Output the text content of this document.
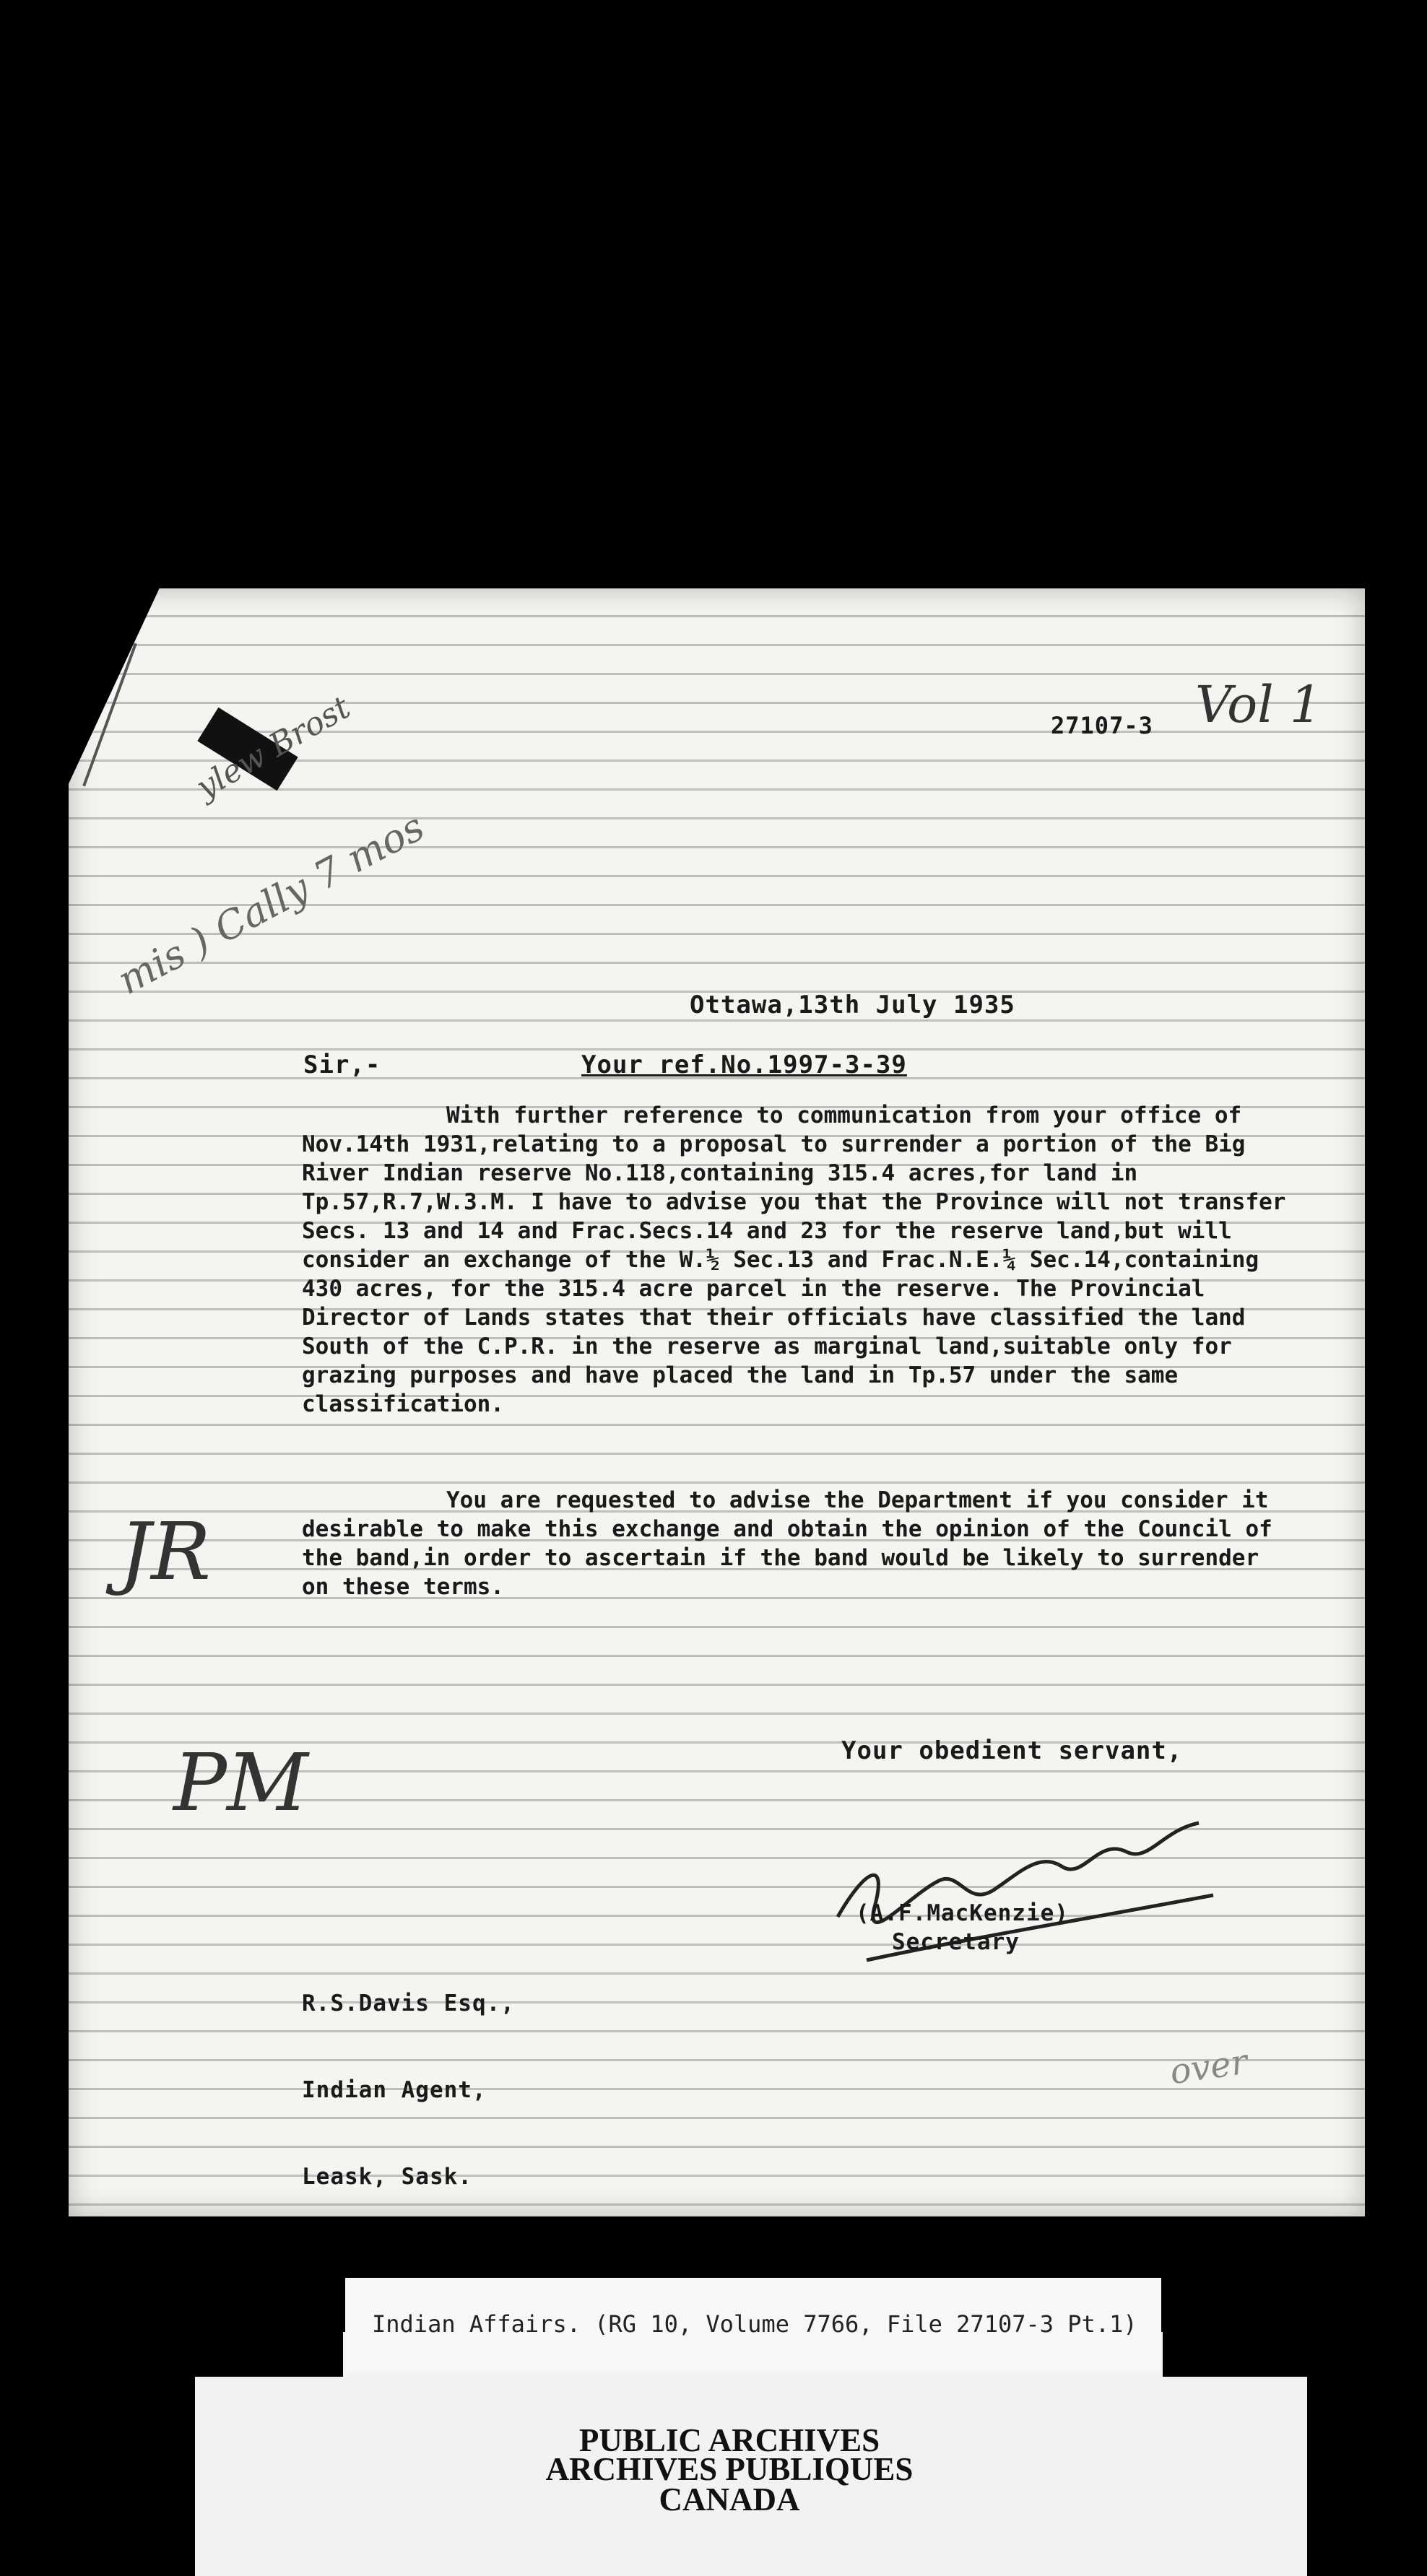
27107-3 Vol 1
mis ) Cally 7 mos
ylew Brost
Ottawa,13th July 1935
Sir,-	Your ref.No.1997-3-39
With further reference to communication from your office of Nov.14th 1931,relating to a proposal to surrender a portion of the Big River Indian reserve No.118,containing 315.4 acres,for land in Tp.57,R.7,W.3.M. I have to advise you that the Province will not transfer Secs. 13 and 14 and Frac.Secs.14 and 23 for the reserve land,but will consider an exchange of the W.½ Sec.13 and Frac.N.E.¼ Sec.14,containing 430 acres, for the 315.4 acre parcel in the reserve. The Provincial Director of Lands states that their officials have classified the land South of the C.P.R. in the reserve as marginal land,suitable only for grazing purposes and have placed the land in Tp.57 under the same classification.
You are requested to advise the Department if you consider it desirable to make this exchange and obtain the opinion of the Council of the band,in order to ascertain if the band would be likely to surrender on these terms.
JR
PM	Your obedient servant,
(A.F.MacKenzie)
Secretary

R.S.Davis Esq.,

Indian Agent,

Leask, Sask.

over
Indian Affairs. (RG 10, Volume 7766, File 27107-3 Pt.1)
PUBLIC ARCHIVES
ARCHIVES PUBLIQUES
CANADA
